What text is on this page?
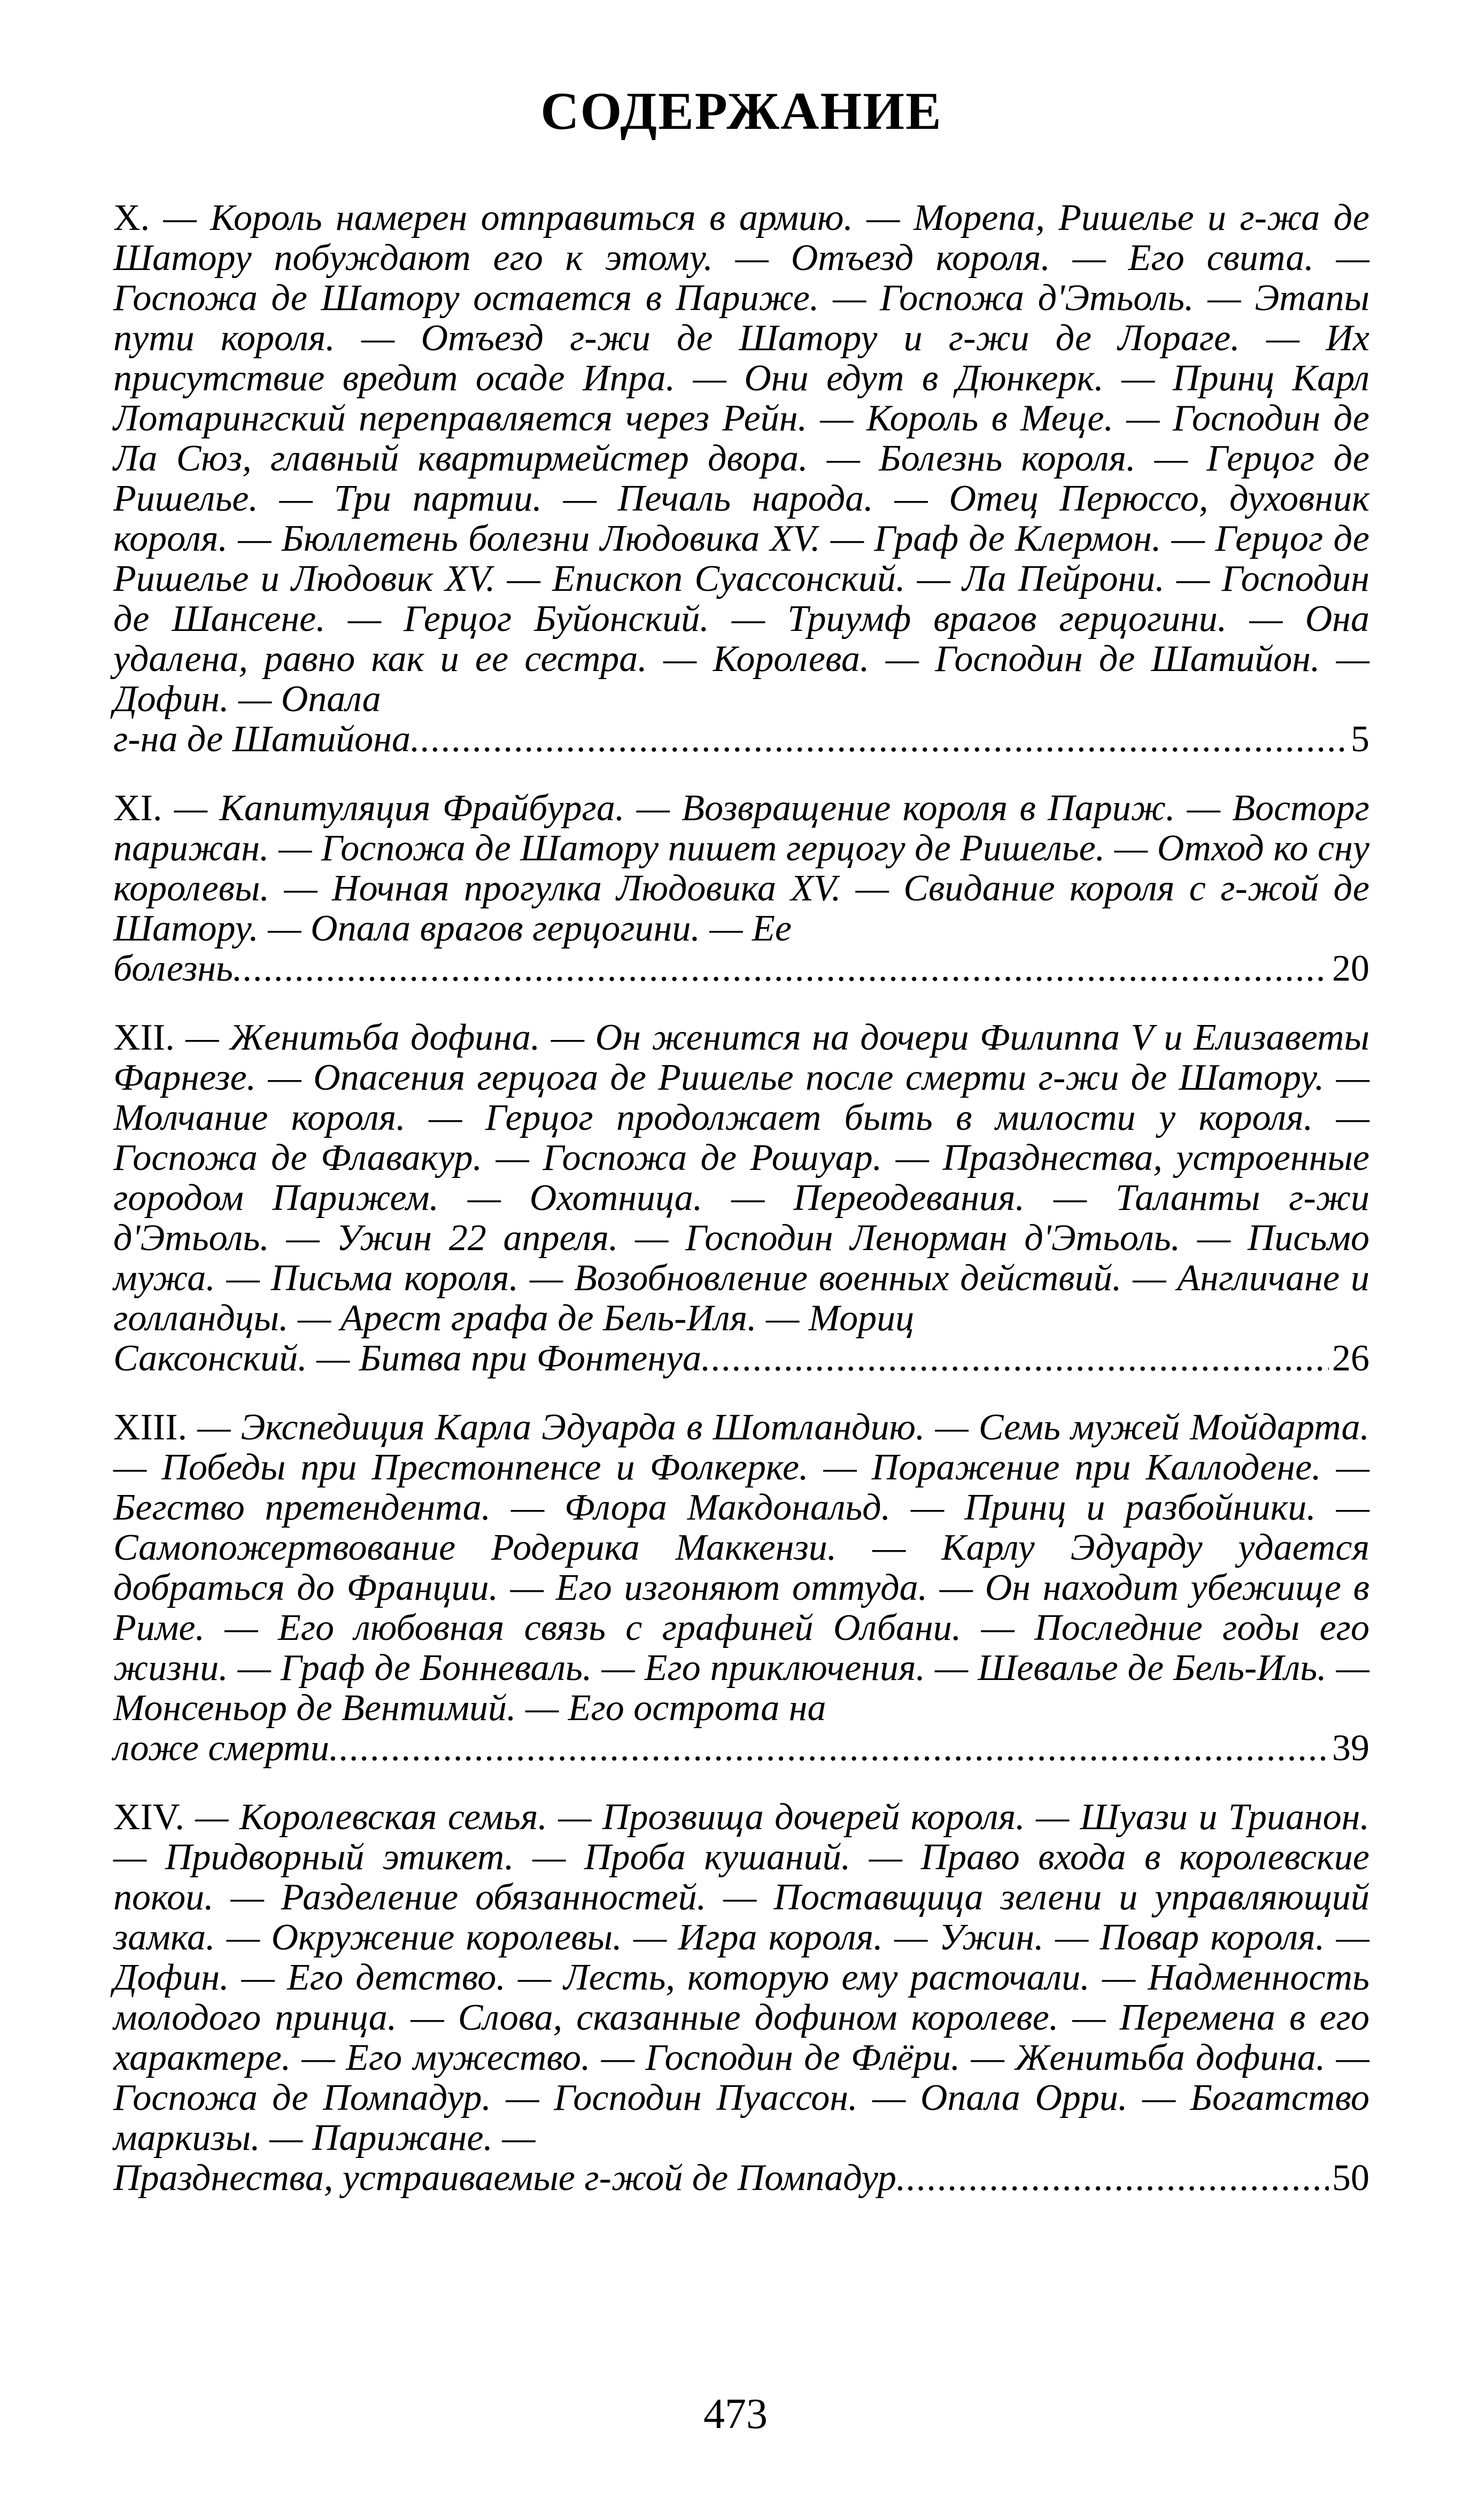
СОДЕРЖАНИЕ
X. — Король намерен отправиться в армию. — Морепа, Ришелье и г-жа де Шатору побуждают его к этому. — Отъезд короля. — Его свита. — Госпожа де Шатору остается в Париже. — Госпожа д'Этьоль. — Этапы пути короля. — Отъезд г-жи де Шатору и г-жи де Лораге. — Их присутствие вредит осаде Ипра. — Они едут в Дюнкерк. — Принц Карл Лотарингский переправляется через Рейн. — Король в Меце. — Господин де Ла Сюз, главный квартирмейстер двора. — Болезнь короля. — Герцог де Ришелье. — Три партии. — Печаль народа. — Отец Перюссо, духовник короля. — Бюллетень болезни Людовика XV. — Граф де Клермон. — Герцог де Ришелье и Людовик XV. — Епископ Суассонский. — Ла Пейрони. — Господин де Шансене. — Герцог Буйонский. — Триумф врагов герцогини. — Она удалена, равно как и ее сестра. — Королева. — Господин де Шатийон. — Дофин. — Опала
г-на де Шатийона. .....	5
XI. — Капитуляция Фрайбурга. — Возвращение короля в Париж. — Восторг парижан. — Госпожа де Шатору пишет герцогу де Ришелье. — Отход ко сну королевы. — Ночная прогулка Людовика XV. — Свидание короля с г-жой де Шатору. — Опала врагов герцогини. — Ее
болезнь. .....	20
XII. — Женитьба дофина. — Он женится на дочери Филиппа V и Елизаветы Фарнезе. — Опасения герцога де Ришелье после смерти г-жи де Шатору. — Молчание короля. — Герцог продолжает быть в милости у короля. — Госпожа де Флавакур. — Госпожа де Рошуар. — Празднества, устроенные городом Парижем. — Охотница. — Переодевания. — Таланты г-жи д'Этьоль. — Ужин 22 апреля. — Господин Ленорман д'Этьоль. — Письмо мужа. — Письма короля. — Возобновление военных действий. — Англичане и голландцы. — Арест графа де Бель-Иля. — Мориц
Саксонский. — Битва при Фонтенуа. .....	26
XIII. — Экспедиция Карла Эдуарда в Шотландию. — Семь мужей Мойдарта. — Победы при Престонпенсе и Фолкерке. — Поражение при Каллодене. — Бегство претендента. — Флора Макдональд. — Принц и разбойники. — Самопожертвование Родерика Маккензи. — Карлу Эдуарду удается добраться до Франции. — Его изгоняют оттуда. — Он находит убежище в Риме. — Его любовная связь с графиней Олбани. — Последние годы его жизни. — Граф де Бонневаль. — Его приключения. — Шевалье де Бель-Иль. — Монсеньор де Вентимий. — Его острота на
ложе смерти. .....	39
XIV. — Королевская семья. — Прозвища дочерей короля. — Шуази и Трианон. — Придворный этикет. — Проба кушаний. — Право входа в королевские покои. — Разделение обязанностей. — Поставщица зелени и управляющий замка. — Окружение королевы. — Игра короля. — Ужин. — Повар короля. — Дофин. — Его детство. — Лесть, которую ему расточали. — Надменность молодого принца. — Слова, сказанные дофином королеве. — Перемена в его характере. — Его мужество. — Господин де Флёри. — Женитьба дофина. — Госпожа де Помпадур. — Господин Пуассон. — Опала Орри. — Богатство маркизы. — Парижане. —
Празднества, устраиваемые г-жой де Помпадур. .....	50
473
